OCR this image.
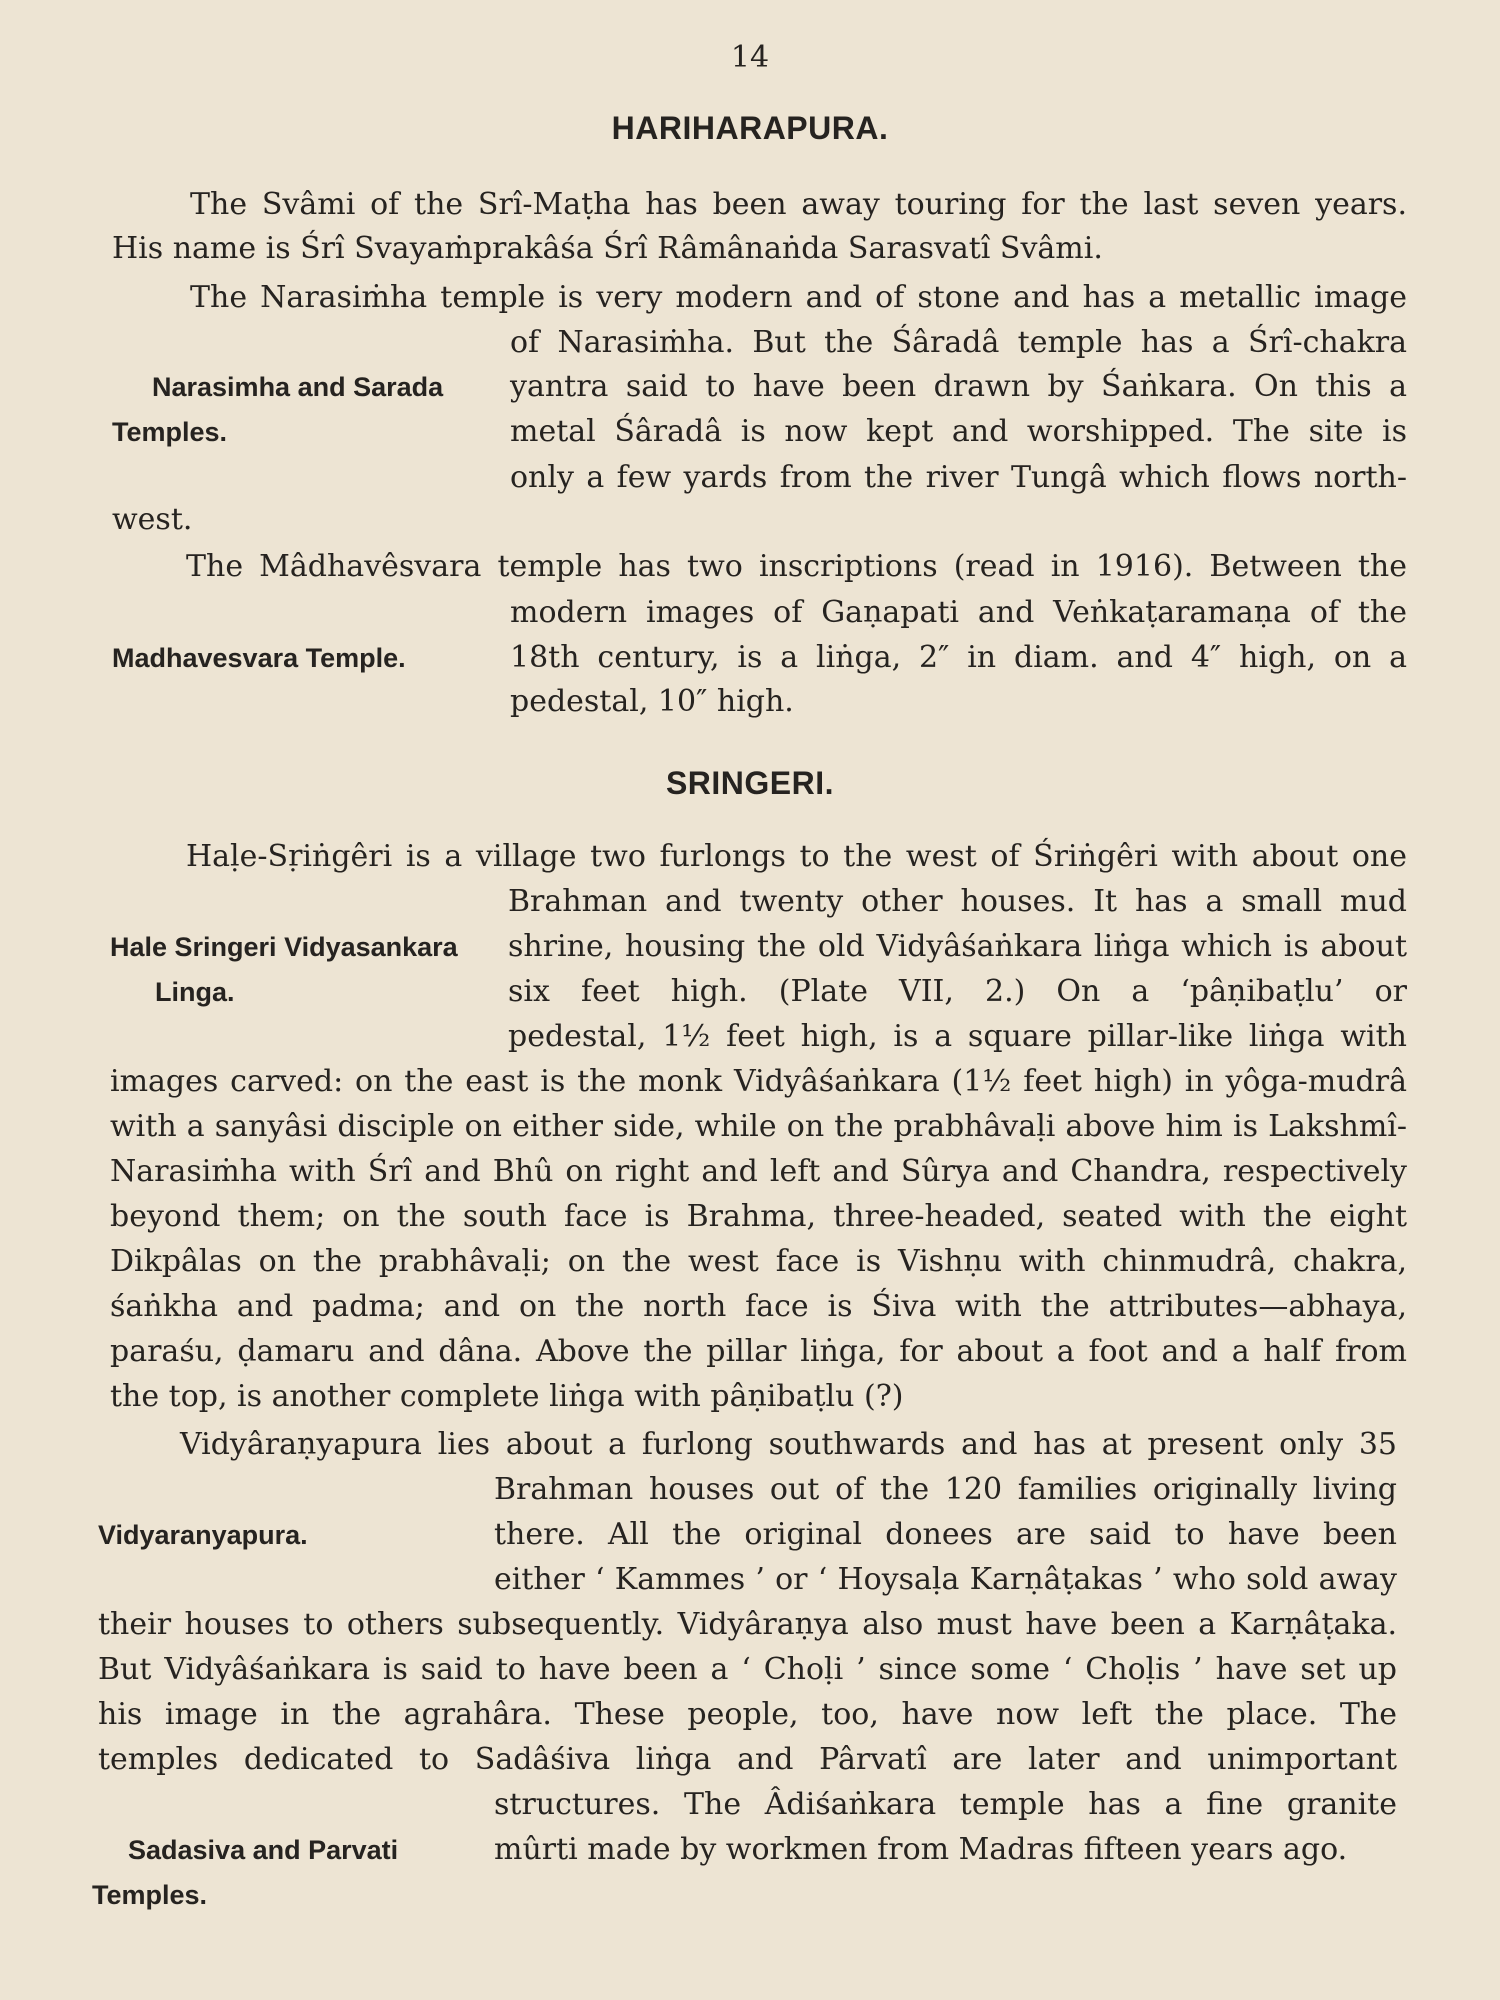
14
HARIHARAPURA.
The Svâmi of the Srî-Maṭha has been away touring for the last seven years.
His name is Śrî Svayaṁprakâśa Śrî Râmânaṅda Sarasvatî Svâmi.
The Narasiṁha temple is very modern and of stone and has a metallic image
of Narasiṁha. But the Śâradâ temple has a Śrî-chakra
yantra said to have been drawn by Śaṅkara. On this a
metal Śâradâ is now kept and worshipped. The site is
only a few yards from the river Tungâ which flows north-
west.
The Mâdhavêsvara temple has two inscriptions (read in 1916). Between the
modern images of Gaṇapati and Veṅkaṭaramaṇa of the
18th century, is a liṅga, 2″ in diam. and 4″ high, on a
pedestal, 10″ high.
Narasimha and Sarada
Temples.
Madhavesvara Temple.
SRINGERI.
Haḷe-Sṛiṅgêri is a village two furlongs to the west of Śriṅgêri with about one
Brahman and twenty other houses. It has a small mud
shrine, housing the old Vidyâśaṅkara liṅga which is about
six feet high. (Plate VII, 2.) On a ‘pâṇibaṭlu’ or
pedestal, 1½ feet high, is a square pillar-like liṅga with
images carved: on the east is the monk Vidyâśaṅkara (1½ feet high) in yôga-mudrâ
with a sanyâsi disciple on either side, while on the prabhâvaḷi above him is Lakshmî-
Narasiṁha with Śrî and Bhû on right and left and Sûrya and Chandra, respectively
beyond them; on the south face is Brahma, three-headed, seated with the eight
Dikpâlas on the prabhâvaḷi; on the west face is Vishṇu with chinmudrâ, chakra,
śaṅkha and padma; and on the north face is Śiva with the attributes—abhaya,
paraśu, ḍamaru and dâna. Above the pillar liṅga, for about a foot and a half from
the top, is another complete liṅga with pâṇibaṭlu (?)
Vidyâraṇyapura lies about a furlong southwards and has at present only 35
Brahman houses out of the 120 families originally living
there. All the original donees are said to have been
either ‘ Kammes ’ or ‘ Hoysaḷa Karṇâṭakas ’ who sold away
their houses to others subsequently. Vidyâraṇya also must have been a Karṇâṭaka.
But Vidyâśaṅkara is said to have been a ‘ Choḷi ’ since some ‘ Choḷis ’ have set up
his image in the agrahâra. These people, too, have now left the place. The
temples dedicated to Sadâśiva liṅga and Pârvatî are later and unimportant
structures. The Âdiśaṅkara temple has a fine granite
mûrti made by workmen from Madras fifteen years ago.
Hale Sringeri Vidyasankara
Linga.
Vidyaranyapura.
Sadasiva and Parvati
Temples.
